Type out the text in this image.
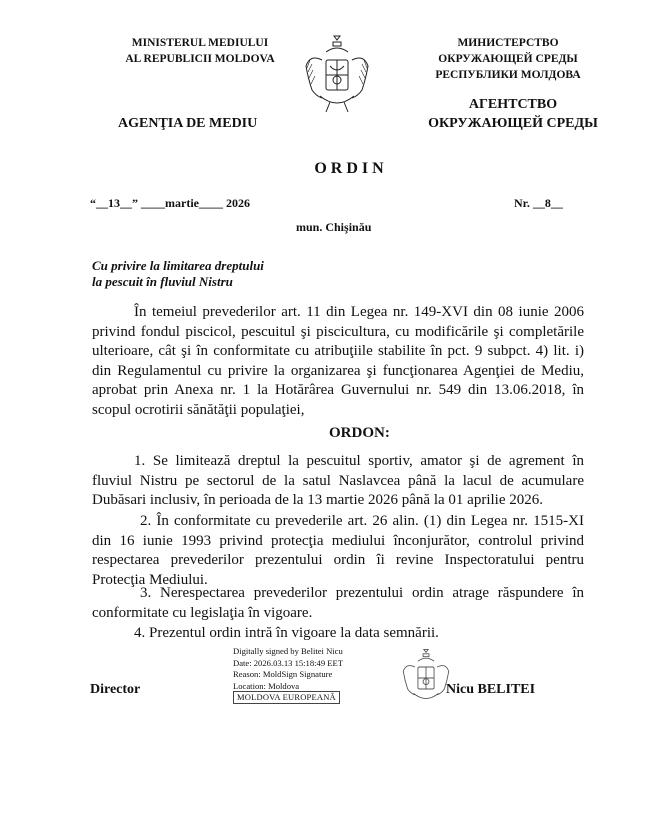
MINISTERUL MEDIULUI
AL REPUBLICII MOLDOVA
МИНИСТЕРСТВО
ОКРУЖАЮЩЕЙ СРЕДЫ
РЕСПУБЛИКИ МОЛДОВА
АГЕНТСТВО
ОКРУЖАЮЩЕЙ СРЕДЫ
AGENŢIA DE MEDIU
O R D I N
“__13__” ____martie____ 2026	Nr. __8__
mun. Chişinău
Cu privire la limitarea dreptului
la pescuit în fluviul Nistru
În temeiul prevederilor art. 11 din Legea nr. 149-XVI din 08 iunie 2006 privind fondul piscicol, pescuitul şi piscicultura, cu modificările şi completările ulterioare, cât şi în conformitate cu atribuţiile stabilite în pct. 9 subpct. 4) lit. i) din Regulamentul cu privire la organizarea şi funcţionarea Agenţiei de Mediu, aprobat prin Anexa nr. 1 la Hotărârea Guvernului nr. 549 din 13.06.2018, în scopul ocrotirii sănătăţii populaţiei,
ORDON:
1. Se limitează dreptul la pescuitul sportiv, amator şi de agrement în fluviul Nistru pe sectorul de la satul Naslavcea până la lacul de acumulare Dubăsari inclusiv, în perioada de la 13 martie 2026 până la 01 aprilie 2026.
2. În conformitate cu prevederile art. 26 alin. (1) din Legea nr. 1515-XI din 16 iunie 1993 privind protecţia mediului înconjurător, controlul privind respectarea prevederilor prezentului ordin îi revine Inspectoratului pentru Protecţia Mediului.
3. Nerespectarea prevederilor prezentului ordin atrage răspundere în conformitate cu legislaţia în vigoare.
4. Prezentul ordin intră în vigoare la data semnării.
Director
Digitally signed by Belitei Nicu
Date: 2026.03.13 15:18:49 EET
Reason: MoldSign Signature
Location: Moldova
MOLDOVA EUROPEANĂ	Nicu BELITEI
